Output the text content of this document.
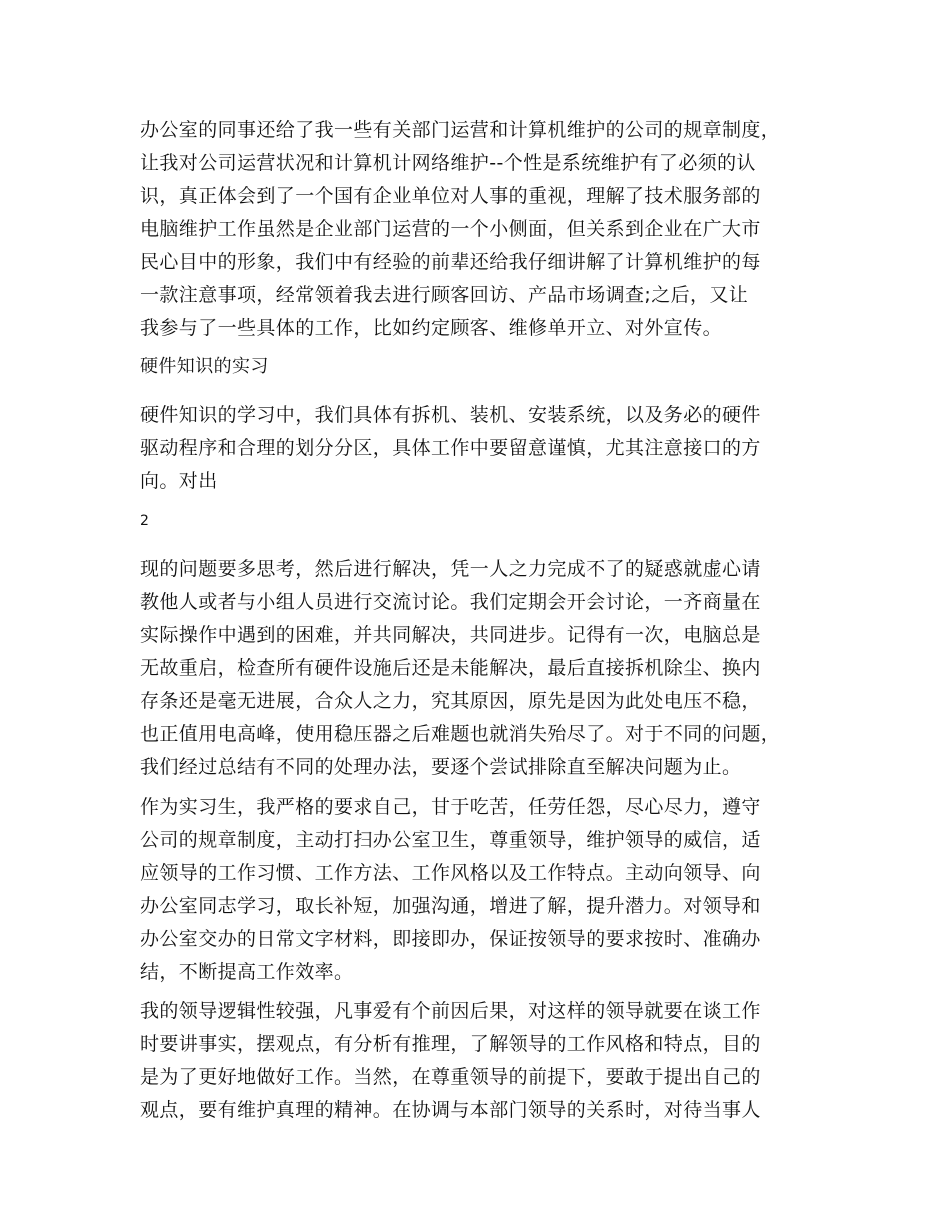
办公室的同事还给了我一些有关部门运营和计算机维护的公司的规章制度，
让我对公司运营状况和计算机计网络维护--个性是系统维护有了必须的认
识，真正体会到了一个国有企业单位对人事的重视，理解了技术服务部的
电脑维护工作虽然是企业部门运营的一个小侧面，但关系到企业在广大市
民心目中的形象，我们中有经验的前辈还给我仔细讲解了计算机维护的每
一款注意事项，经常领着我去进行顾客回访、产品市场调查;之后，又让
我参与了一些具体的工作，比如约定顾客、维修单开立、对外宣传。
硬件知识的实习
硬件知识的学习中，我们具体有拆机、装机、安装系统，以及务必的硬件
驱动程序和合理的划分分区，具体工作中要留意谨慎，尤其注意接口的方
向。对出
2
现的问题要多思考，然后进行解决，凭一人之力完成不了的疑惑就虚心请
教他人或者与小组人员进行交流讨论。我们定期会开会讨论，一齐商量在
实际操作中遇到的困难，并共同解决，共同进步。记得有一次，电脑总是
无故重启，检查所有硬件设施后还是未能解决，最后直接拆机除尘、换内
存条还是毫无进展，合众人之力，究其原因，原先是因为此处电压不稳，
也正值用电高峰，使用稳压器之后难题也就消失殆尽了。对于不同的问题，
我们经过总结有不同的处理办法，要逐个尝试排除直至解决问题为止。
作为实习生，我严格的要求自己，甘于吃苦，任劳任怨，尽心尽力，遵守
公司的规章制度，主动打扫办公室卫生，尊重领导，维护领导的威信，适
应领导的工作习惯、工作方法、工作风格以及工作特点。主动向领导、向
办公室同志学习，取长补短，加强沟通，增进了解，提升潜力。对领导和
办公室交办的日常文字材料，即接即办，保证按领导的要求按时、准确办
结，不断提高工作效率。
我的领导逻辑性较强，凡事爱有个前因后果，对这样的领导就要在谈工作
时要讲事实，摆观点，有分析有推理，了解领导的工作风格和特点，目的
是为了更好地做好工作。当然，在尊重领导的前提下，要敢于提出自己的
观点，要有维护真理的精神。在协调与本部门领导的关系时，对待当事人
